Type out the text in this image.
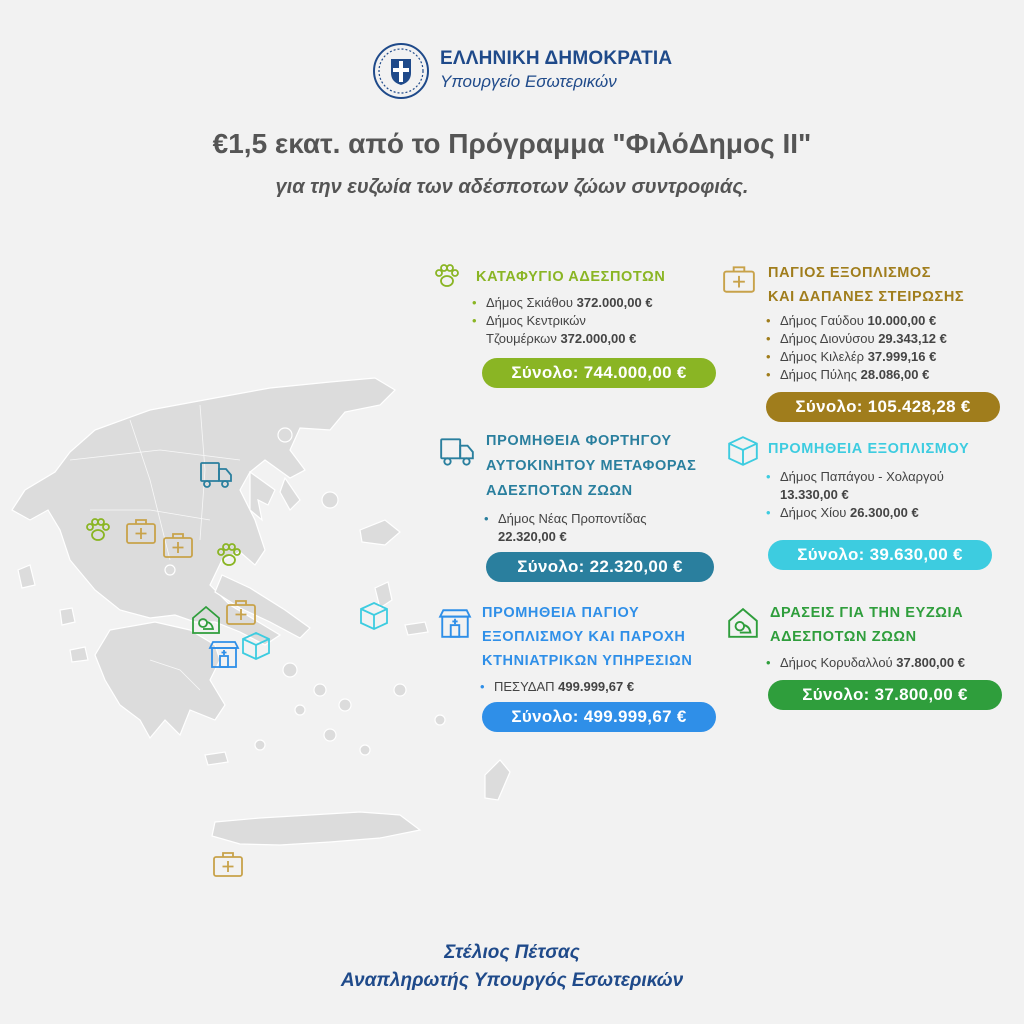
ΕΛΛΗΝΙΚΗ ΔΗΜΟΚΡΑΤΙΑ
Υπουργείο Εσωτερικών
€1,5 εκατ. από το Πρόγραμμα "ΦιλόΔημος ΙΙ"
για την ευζωία των αδέσποτων ζώων συντροφιάς.
ΚΑΤΑΦΥΓΙΟ ΑΔΕΣΠΟΤΩΝ
• Δήμος Σκιάθου 372.000,00 €
• Δήμος Κεντρικών
Τζουμέρκων 372.000,00 €
Σύνολο: 744.000,00 €
ΠΑΓΙΟΣ ΕΞΟΠΛΙΣΜΟΣ
ΚΑΙ ΔΑΠΑΝΕΣ ΣΤΕΙΡΩΣΗΣ
• Δήμος Γαύδου 10.000,00 €
• Δήμος Διονύσου 29.343,12 €
• Δήμος Κιλελέρ 37.999,16 €
• Δήμος Πύλης 28.086,00 €
Σύνολο: 105.428,28 €
ΠΡΟΜΗΘΕΙΑ ΦΟΡΤΗΓΟΥ
ΑΥΤΟΚΙΝΗΤΟΥ ΜΕΤΑΦΟΡΑΣ
ΑΔΕΣΠΟΤΩΝ ΖΩΩΝ
• Δήμος Νέας Προποντίδας
22.320,00 €
Σύνολο: 22.320,00 €
ΠΡΟΜΗΘΕΙΑ ΕΞΟΠΛΙΣΜΟΥ
• Δήμος Παπάγου - Χολαργού
13.330,00 €
• Δήμος Χίου 26.300,00 €
Σύνολο: 39.630,00 €
ΠΡΟΜΗΘΕΙΑ ΠΑΓΙΟΥ
ΕΞΟΠΛΙΣΜΟΥ ΚΑΙ ΠΑΡΟΧΗ
ΚΤΗΝΙΑΤΡΙΚΩΝ ΥΠΗΡΕΣΙΩΝ
• ΠΕΣΥΔΑΠ 499.999,67 €
Σύνολο: 499.999,67 €
ΔΡΑΣΕΙΣ ΓΙΑ ΤΗΝ ΕΥΖΩΙΑ
ΑΔΕΣΠΟΤΩΝ ΖΩΩΝ
• Δήμος Κορυδαλλού 37.800,00 €
Σύνολο: 37.800,00 €
Στέλιος Πέτσας
Αναπληρωτής Υπουργός Εσωτερικών
